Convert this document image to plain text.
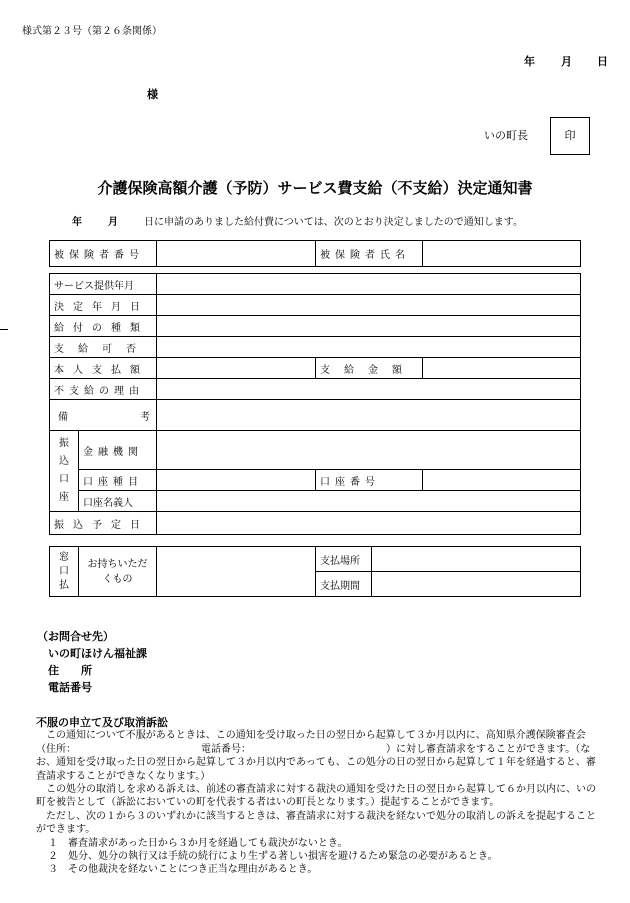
様式第２３号（第２６条関係）
年 月 日
様
いの町長	印
介護保険高額介護（予防）サービス費支給（不支給）決定通知書
年	月	日に申請のありました給付費については、次のとおり決定しましたので通知します。
被保険者番号		被保険者氏名	
サービス提供年月				
決定年月日				
給付の種類				
支給可否				
本人支払額			支給金額	
不支給の理由				

備 考				

振込口座	金融機関			
	口座種目		口座番号	
	口座名義人			
振込予定日				
窓口払	お持ちいただくもの		支払場所	
			支払期間	
（お問合せ先）
いの町ほけん福祉課
住　　所
電話番号

不服の申立て及び取消訴訟

　この通知について不服があるときは、この通知を受け取った日の翌日から起算して３か月以内に、高知県介護保険審査会（住所：　　　　　　　　　　　　　電話番号：　　　　　　　　　　　　　　）に対し審査請求をすることができます。（なお、通知を受け取った日の翌日から起算して３か月以内であっても、この処分の日の翌日から起算して１年を経過すると、審査請求することができなくなります。）

　この処分の取消しを求める訴えは、前述の審査請求に対する裁決の通知を受けた日の翌日から起算して６か月以内に、いの町を被告として（訴訟においていの町を代表する者はいの町長となります。）提起することができます。

　ただし、次の１から３のいずれかに該当するときは、審査請求に対する裁決を経ないで処分の取消しの訴えを提起することができます。

１　審査請求があった日から３か月を経過しても裁決がないとき。

２　処分、処分の執行又は手続の続行により生ずる著しい損害を避けるため緊急の必要があるとき。

３　その他裁決を経ないことにつき正当な理由があるとき。
